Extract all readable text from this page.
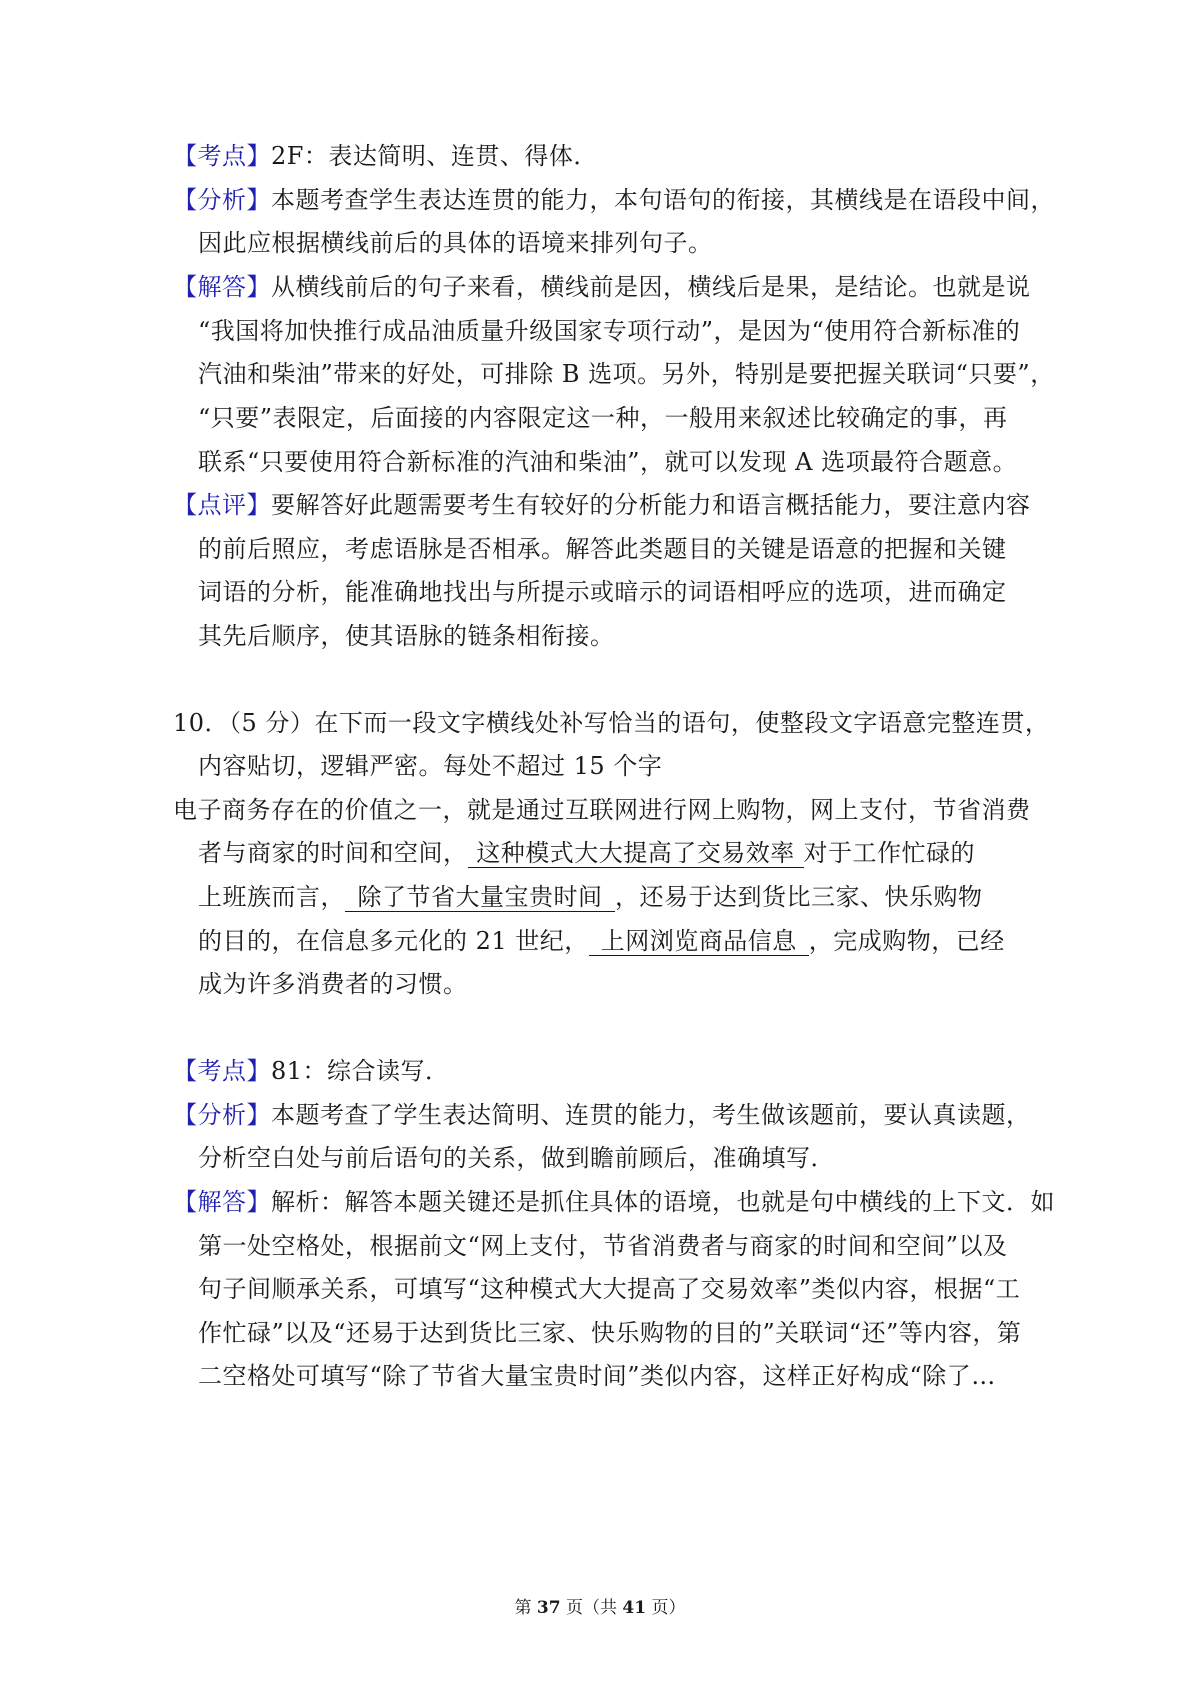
【考点】2F：表达简明、连贯、得体．
【分析】本题考查学生表达连贯的能力，本句语句的衔接，其横线是在语段中间，
因此应根据横线前后的具体的语境来排列句子。
【解答】从横线前后的句子来看，横线前是因，横线后是果，是结论。也就是说
“我国将加快推行成品油质量升级国家专项行动”，是因为“使用符合新标准的
汽油和柴油”带来的好处，可排除 B 选项。另外，特别是要把握关联词“只要”，
“只要”表限定，后面接的内容限定这一种，一般用来叙述比较确定的事，再
联系“只要使用符合新标准的汽油和柴油”，就可以发现 A 选项最符合题意。
【点评】要解答好此题需要考生有较好的分析能力和语言概括能力，要注意内容
的前后照应，考虑语脉是否相承。解答此类题目的关键是语意的把握和关键
词语的分析，能准确地找出与所提示或暗示的词语相呼应的选项，进而确定
其先后顺序，使其语脉的链条相衔接。
10．（5 分）在下而一段文字横线处补写恰当的语句，使整段文字语意完整连贯，
内容贴切，逻辑严密。每处不超过 15 个字
电子商务存在的价值之一，就是通过互联网进行网上购物，网上支付，节省消费
者与商家的时间和空间， 这种模式大大提高了交易效率 对于工作忙碌的
上班族而言， 除了节省大量宝贵时间 ，还易于达到货比三家、快乐购物
的目的，在信息多元化的 21 世纪， 上网浏览商品信息 ，完成购物，已经
成为许多消费者的习惯。
【考点】81：综合读写．
【分析】本题考查了学生表达简明、连贯的能力，考生做该题前，要认真读题，
分析空白处与前后语句的关系，做到瞻前顾后，准确填写．
【解答】解析：解答本题关键还是抓住具体的语境，也就是句中横线的上下文．如
第一处空格处，根据前文“网上支付，节省消费者与商家的时间和空间”以及
句子间顺承关系，可填写“这种模式大大提高了交易效率”类似内容，根据“工
作忙碌”以及“还易于达到货比三家、快乐购物的目的”关联词“还”等内容，第
二空格处可填写“除了节省大量宝贵时间”类似内容，这样正好构成“除了…
第 37 页（共 41 页）
